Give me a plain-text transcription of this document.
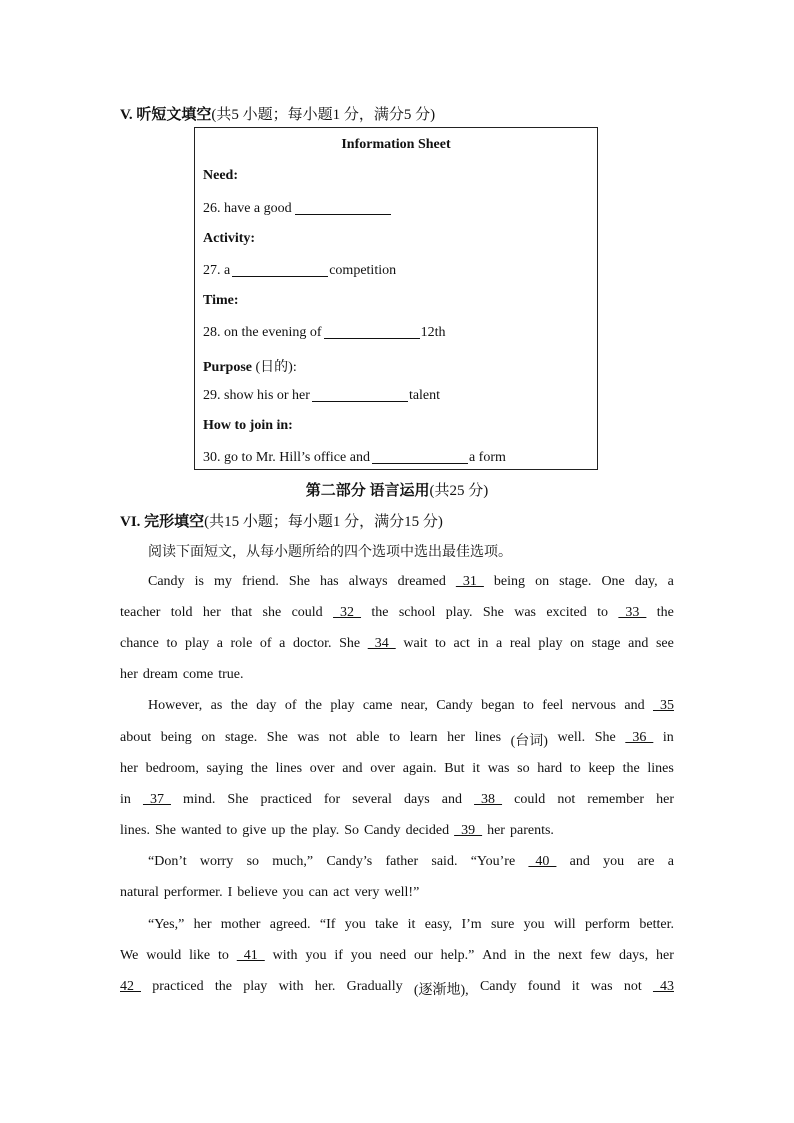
V. 听短文填空(共5 小题；每小题1 分，满分5 分)
Information Sheet
Need:
26. have a good
Activity:
27. a	competition
Time:
28. on the evening of	12th
Purpose (日的):
29. show his or her	talent
How to join in:
30. go to Mr. Hill’s office and	a form
第二部分 语言运用(共25 分)
VI. 完形填空(共15 小题；每小题1 分，满分15 分)
阅读下面短文，从每小题所给的四个选项中选出最佳选项。
Candy is my friend. She has always dreamed 31 being on stage. One day, a
teacher told her that she could 32 the school play. She was excited to 33 the
chance to play a role of a doctor. She 34 wait to act in a real play on stage and see
her dream come true.
However, as the day of the play came near, Candy began to feel nervous and 35
about being on stage. She was not able to learn her lines (台词) well. She 36 in
her bedroom, saying the lines over and over again. But it was so hard to keep the lines
in 37 mind. She practiced for several days and 38 could not remember her
lines. She wanted to give up the play. So Candy decided 39 her parents.
“Don’t worry so much,” Candy’s father said. “You’re 40 and you are a
natural performer. I believe you can act very well!”
“Yes,” her mother agreed. “If you take it easy, I’m sure you will perform better.
We would like to 41 with you if you need our help.” And in the next few days, her
42 practiced the play with her. Gradually (逐渐地), Candy found it was not 43
